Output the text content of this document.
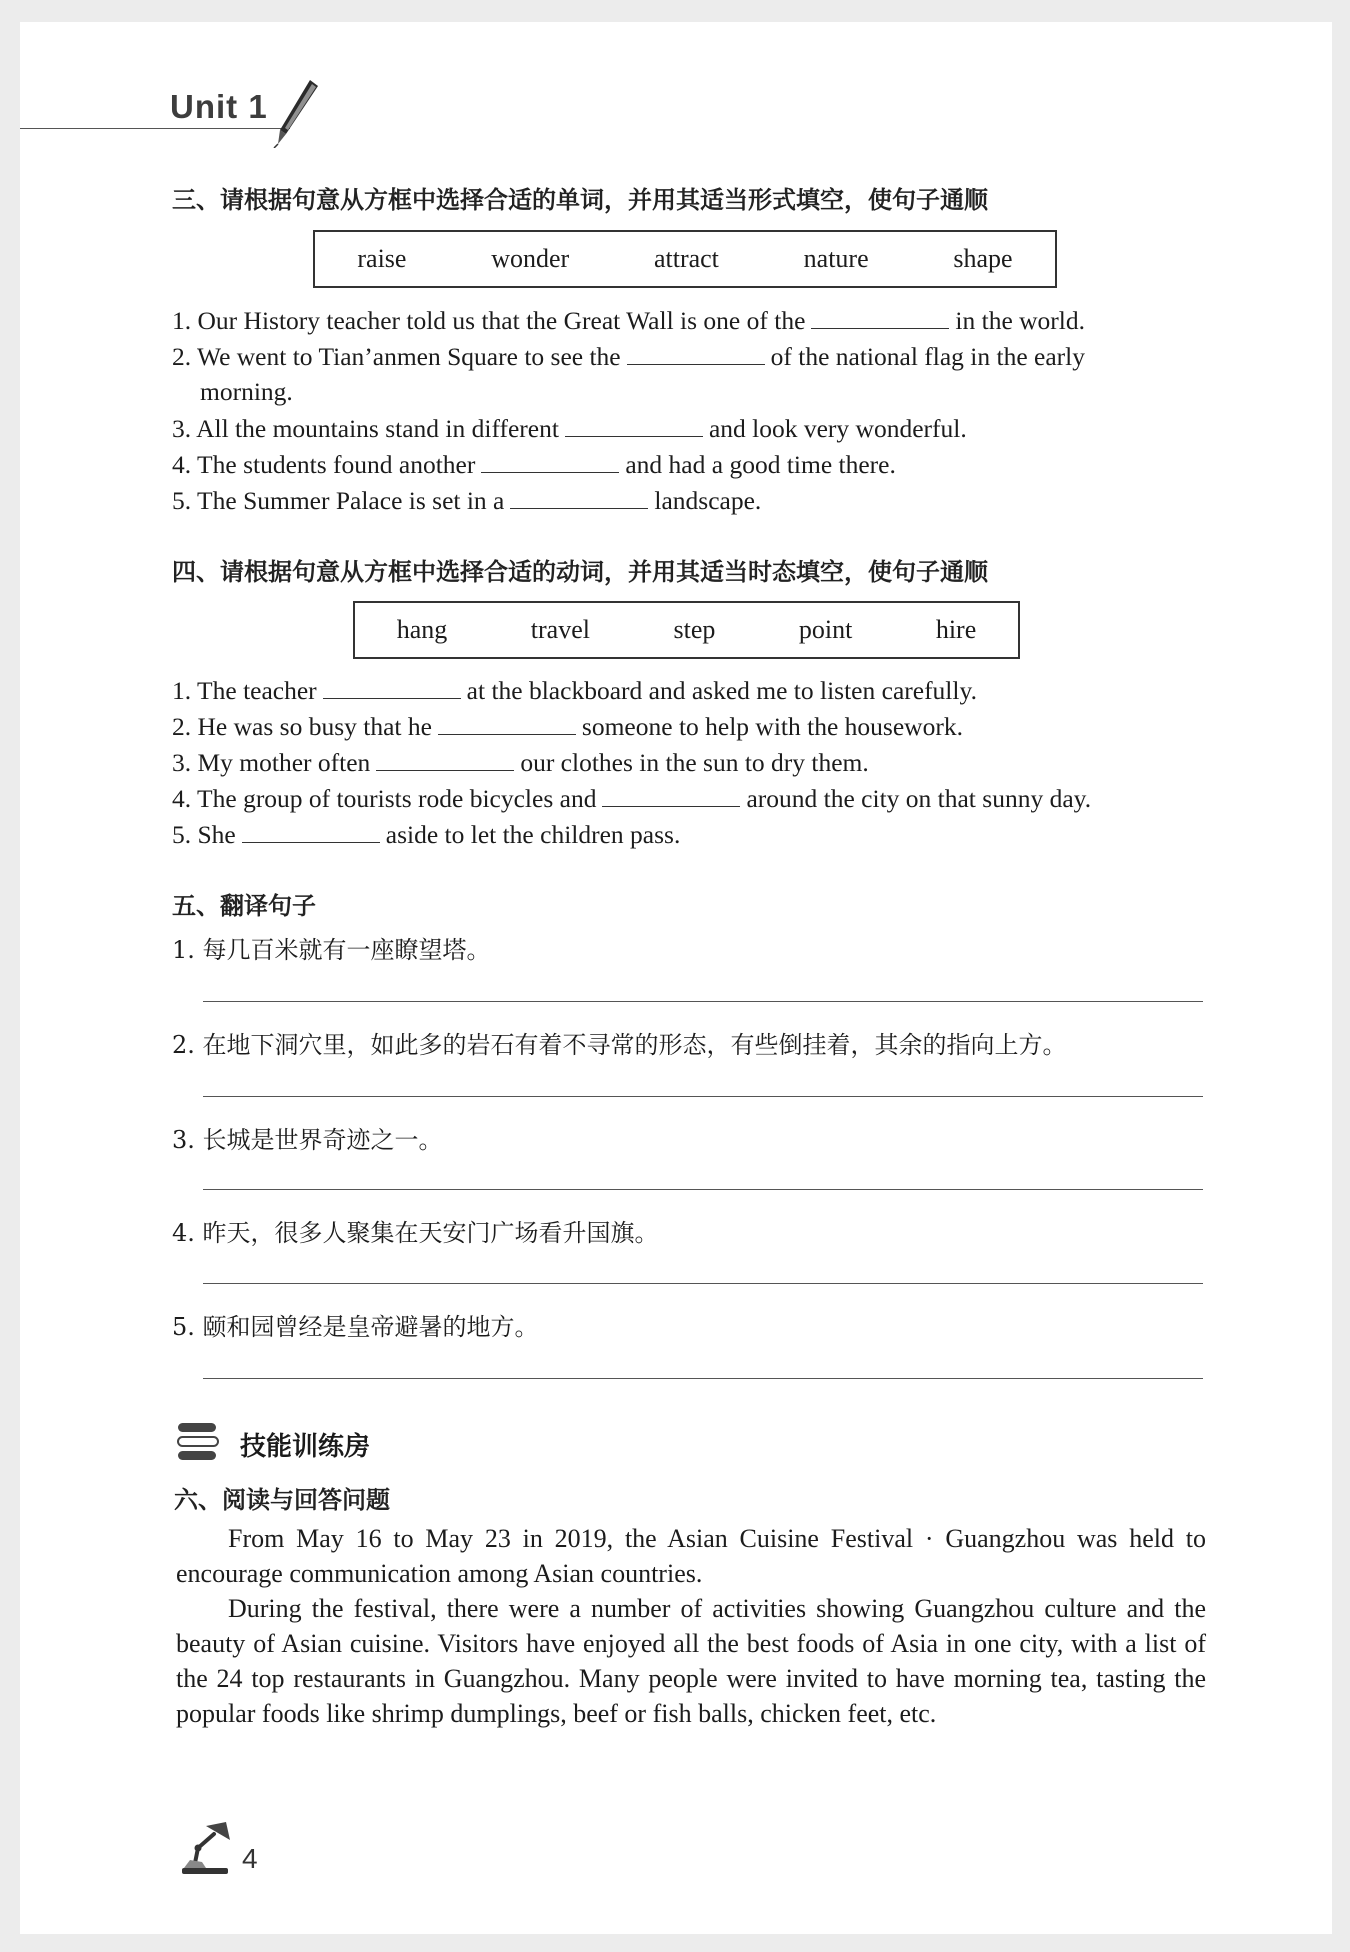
Unit 1
三、请根据句意从方框中选择合适的单词，并用其适当形式填空，使句子通顺
raise	wonder	attract	nature	shape
1. Our History teacher told us that the Great Wall is one of the	in the world.
2. We went to Tian’anmen Square to see the	of the national flag in the early
morning.
3. All the mountains stand in different	and look very wonderful.
4. The students found another	and had a good time there.
5. The Summer Palace is set in a	landscape.
四、请根据句意从方框中选择合适的动词，并用其适当时态填空，使句子通顺
hang	travel	step	point	hire
1. The teacher	at the blackboard and asked me to listen carefully.
2. He was so busy that he	someone to help with the housework.
3. My mother often	our clothes in the sun to dry them.
4. The group of tourists rode bicycles and	around the city on that sunny day.
5. She	aside to let the children pass.
五、翻译句子
1. 每几百米就有一座瞭望塔。
2. 在地下洞穴里，如此多的岩石有着不寻常的形态，有些倒挂着，其余的指向上方。
3. 长城是世界奇迹之一。
4. 昨天，很多人聚集在天安门广场看升国旗。
5. 颐和园曾经是皇帝避暑的地方。
技能训练房
六、阅读与回答问题
From May 16 to May 23 in 2019, the Asian Cuisine Festival · Guangzhou was held to encourage communication among Asian countries.
During the festival, there were a number of activities showing Guangzhou culture and the beauty of Asian cuisine. Visitors have enjoyed all the best foods of Asia in one city, with a list of the 24 top restaurants in Guangzhou. Many people were invited to have morning tea, tasting the popular foods like shrimp dumplings, beef or fish balls, chicken feet, etc.
4
